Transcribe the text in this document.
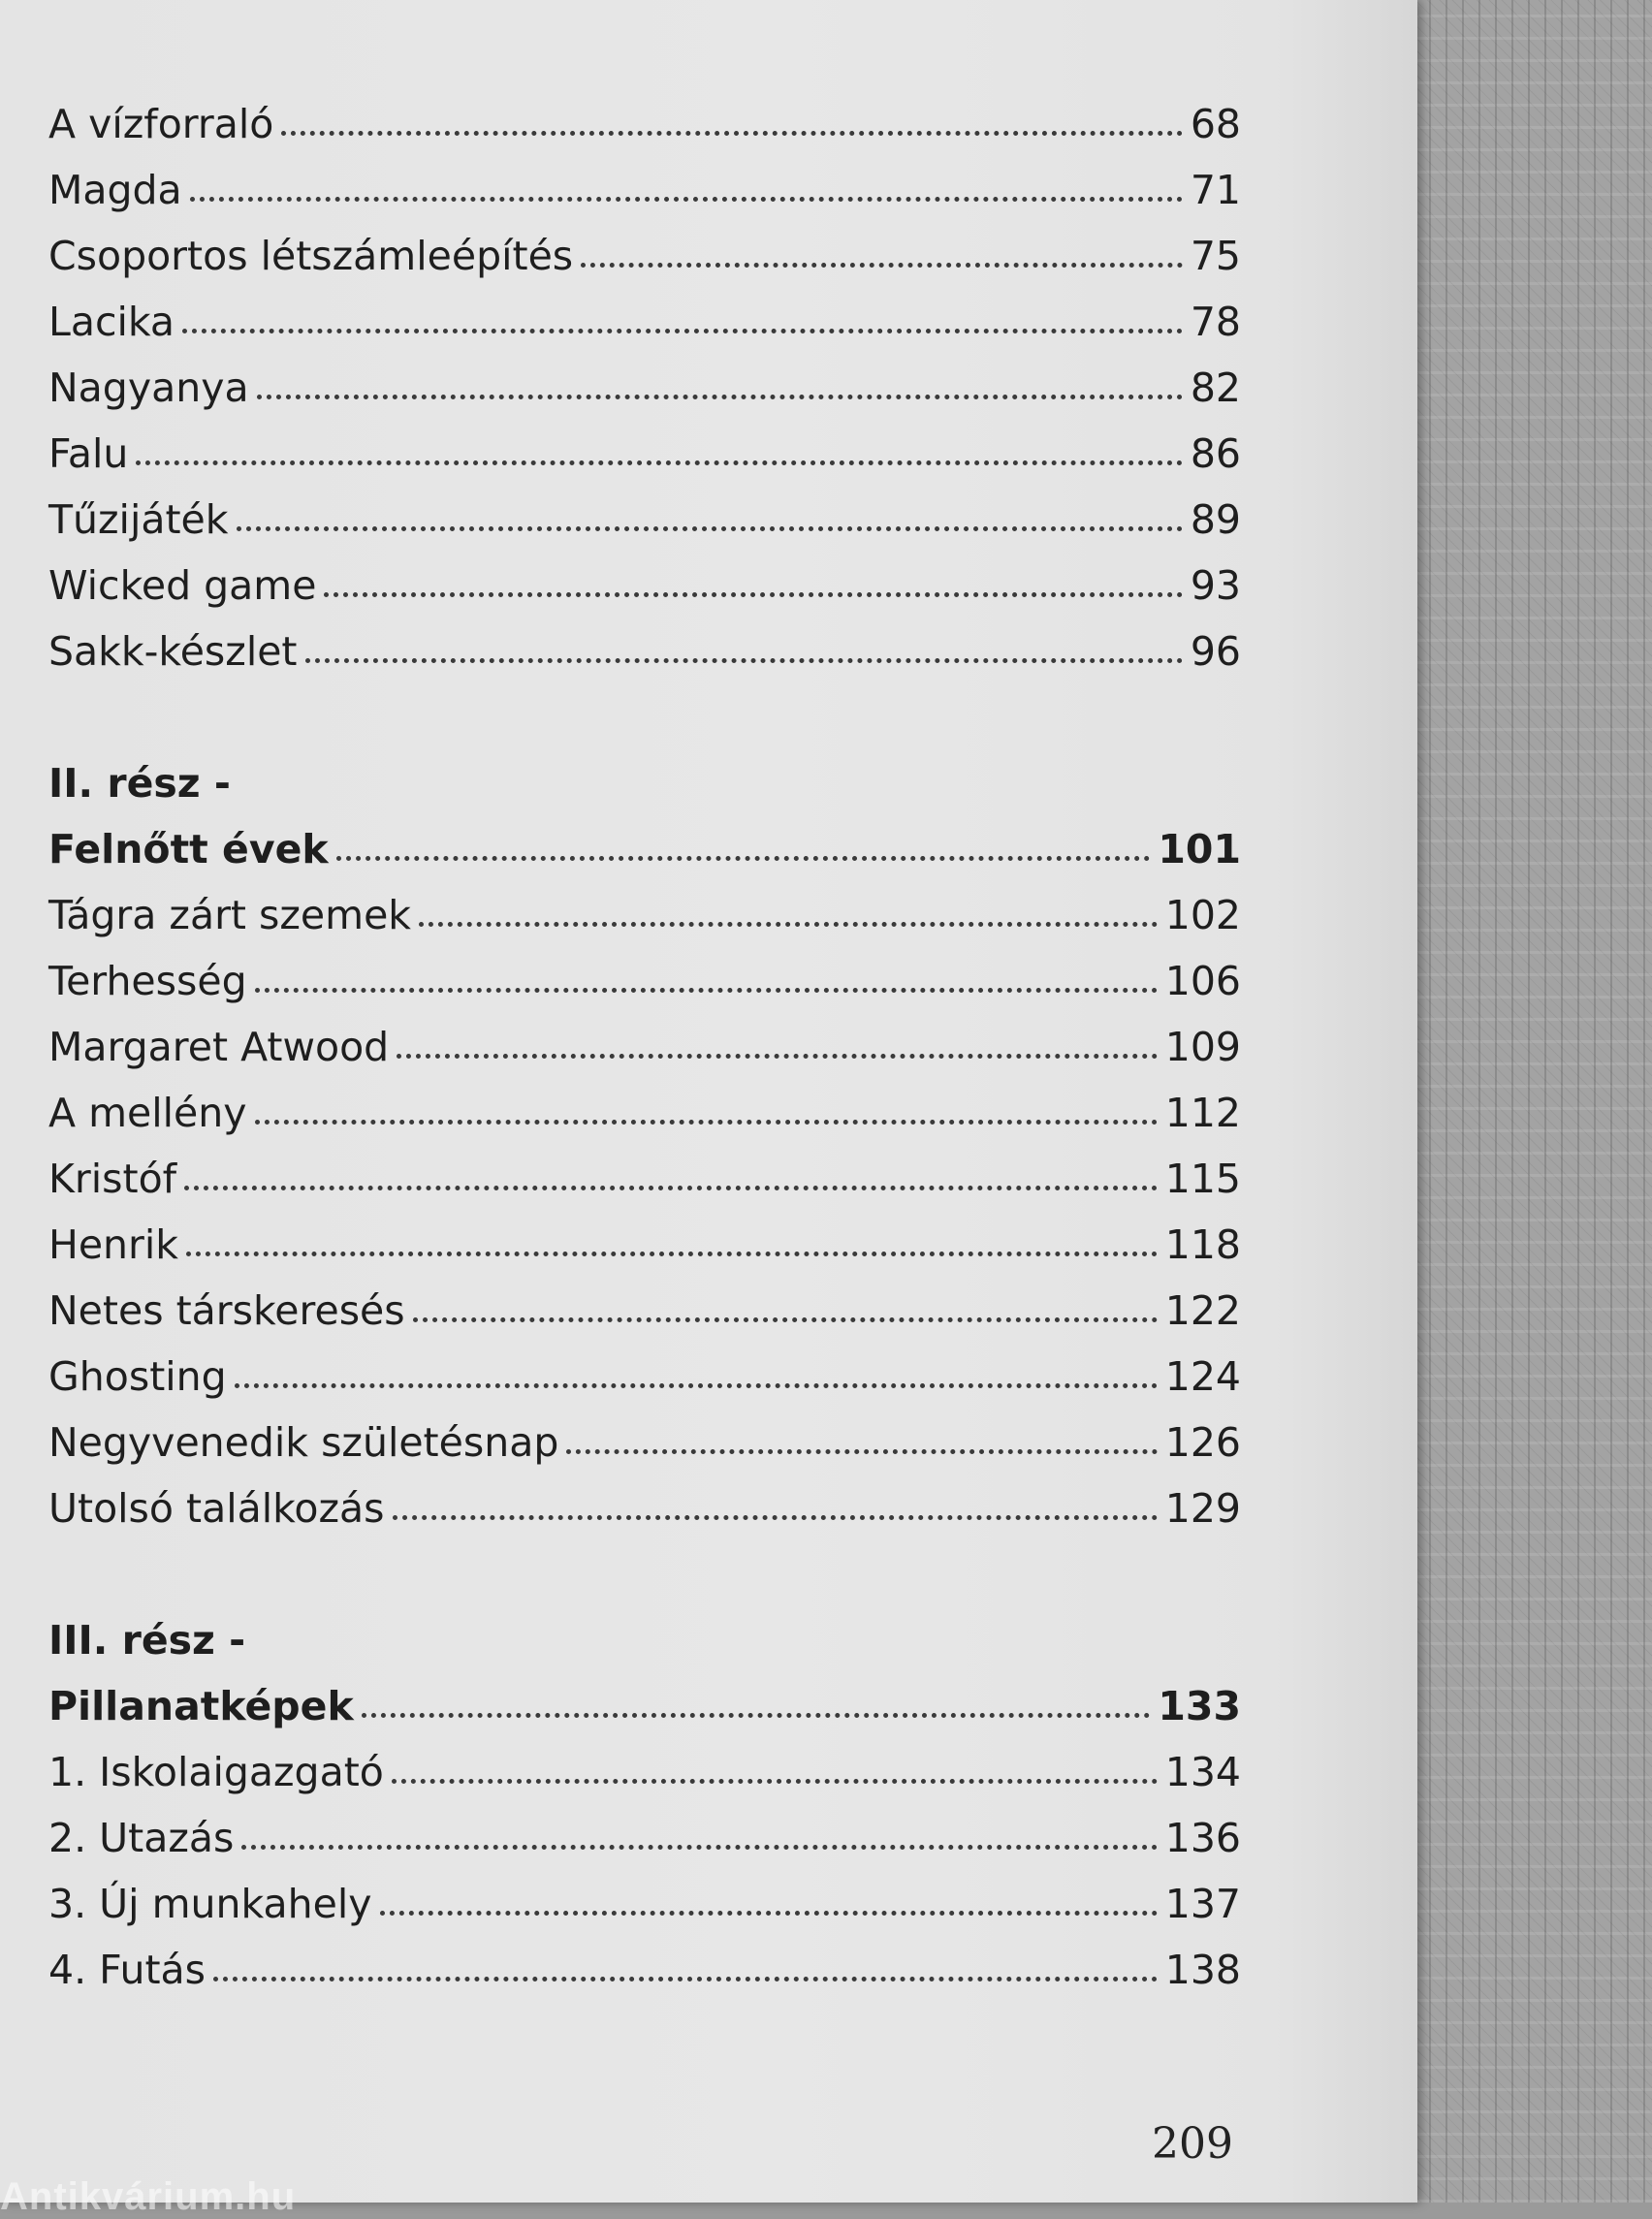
A vízforraló	68
Magda	71
Csoportos létszámleépítés	75
Lacika	78
Nagyanya	82
Falu	86
Tűzijáték	89
Wicked game	93
Sakk-készlet	96
II. rész -
Felnőtt évek	101
Tágra zárt szemek	102
Terhesség	106
Margaret Atwood	109
A mellény	112
Kristóf	115
Henrik	118
Netes társkeresés	122
Ghosting	124
Negyvenedik születésnap	126
Utolsó találkozás	129
III. rész -
Pillanatképek	133
1. Iskolaigazgató	134
2. Utazás	136
3. Új munkahely	137
4. Futás	138
209
Antikvárium.hu
